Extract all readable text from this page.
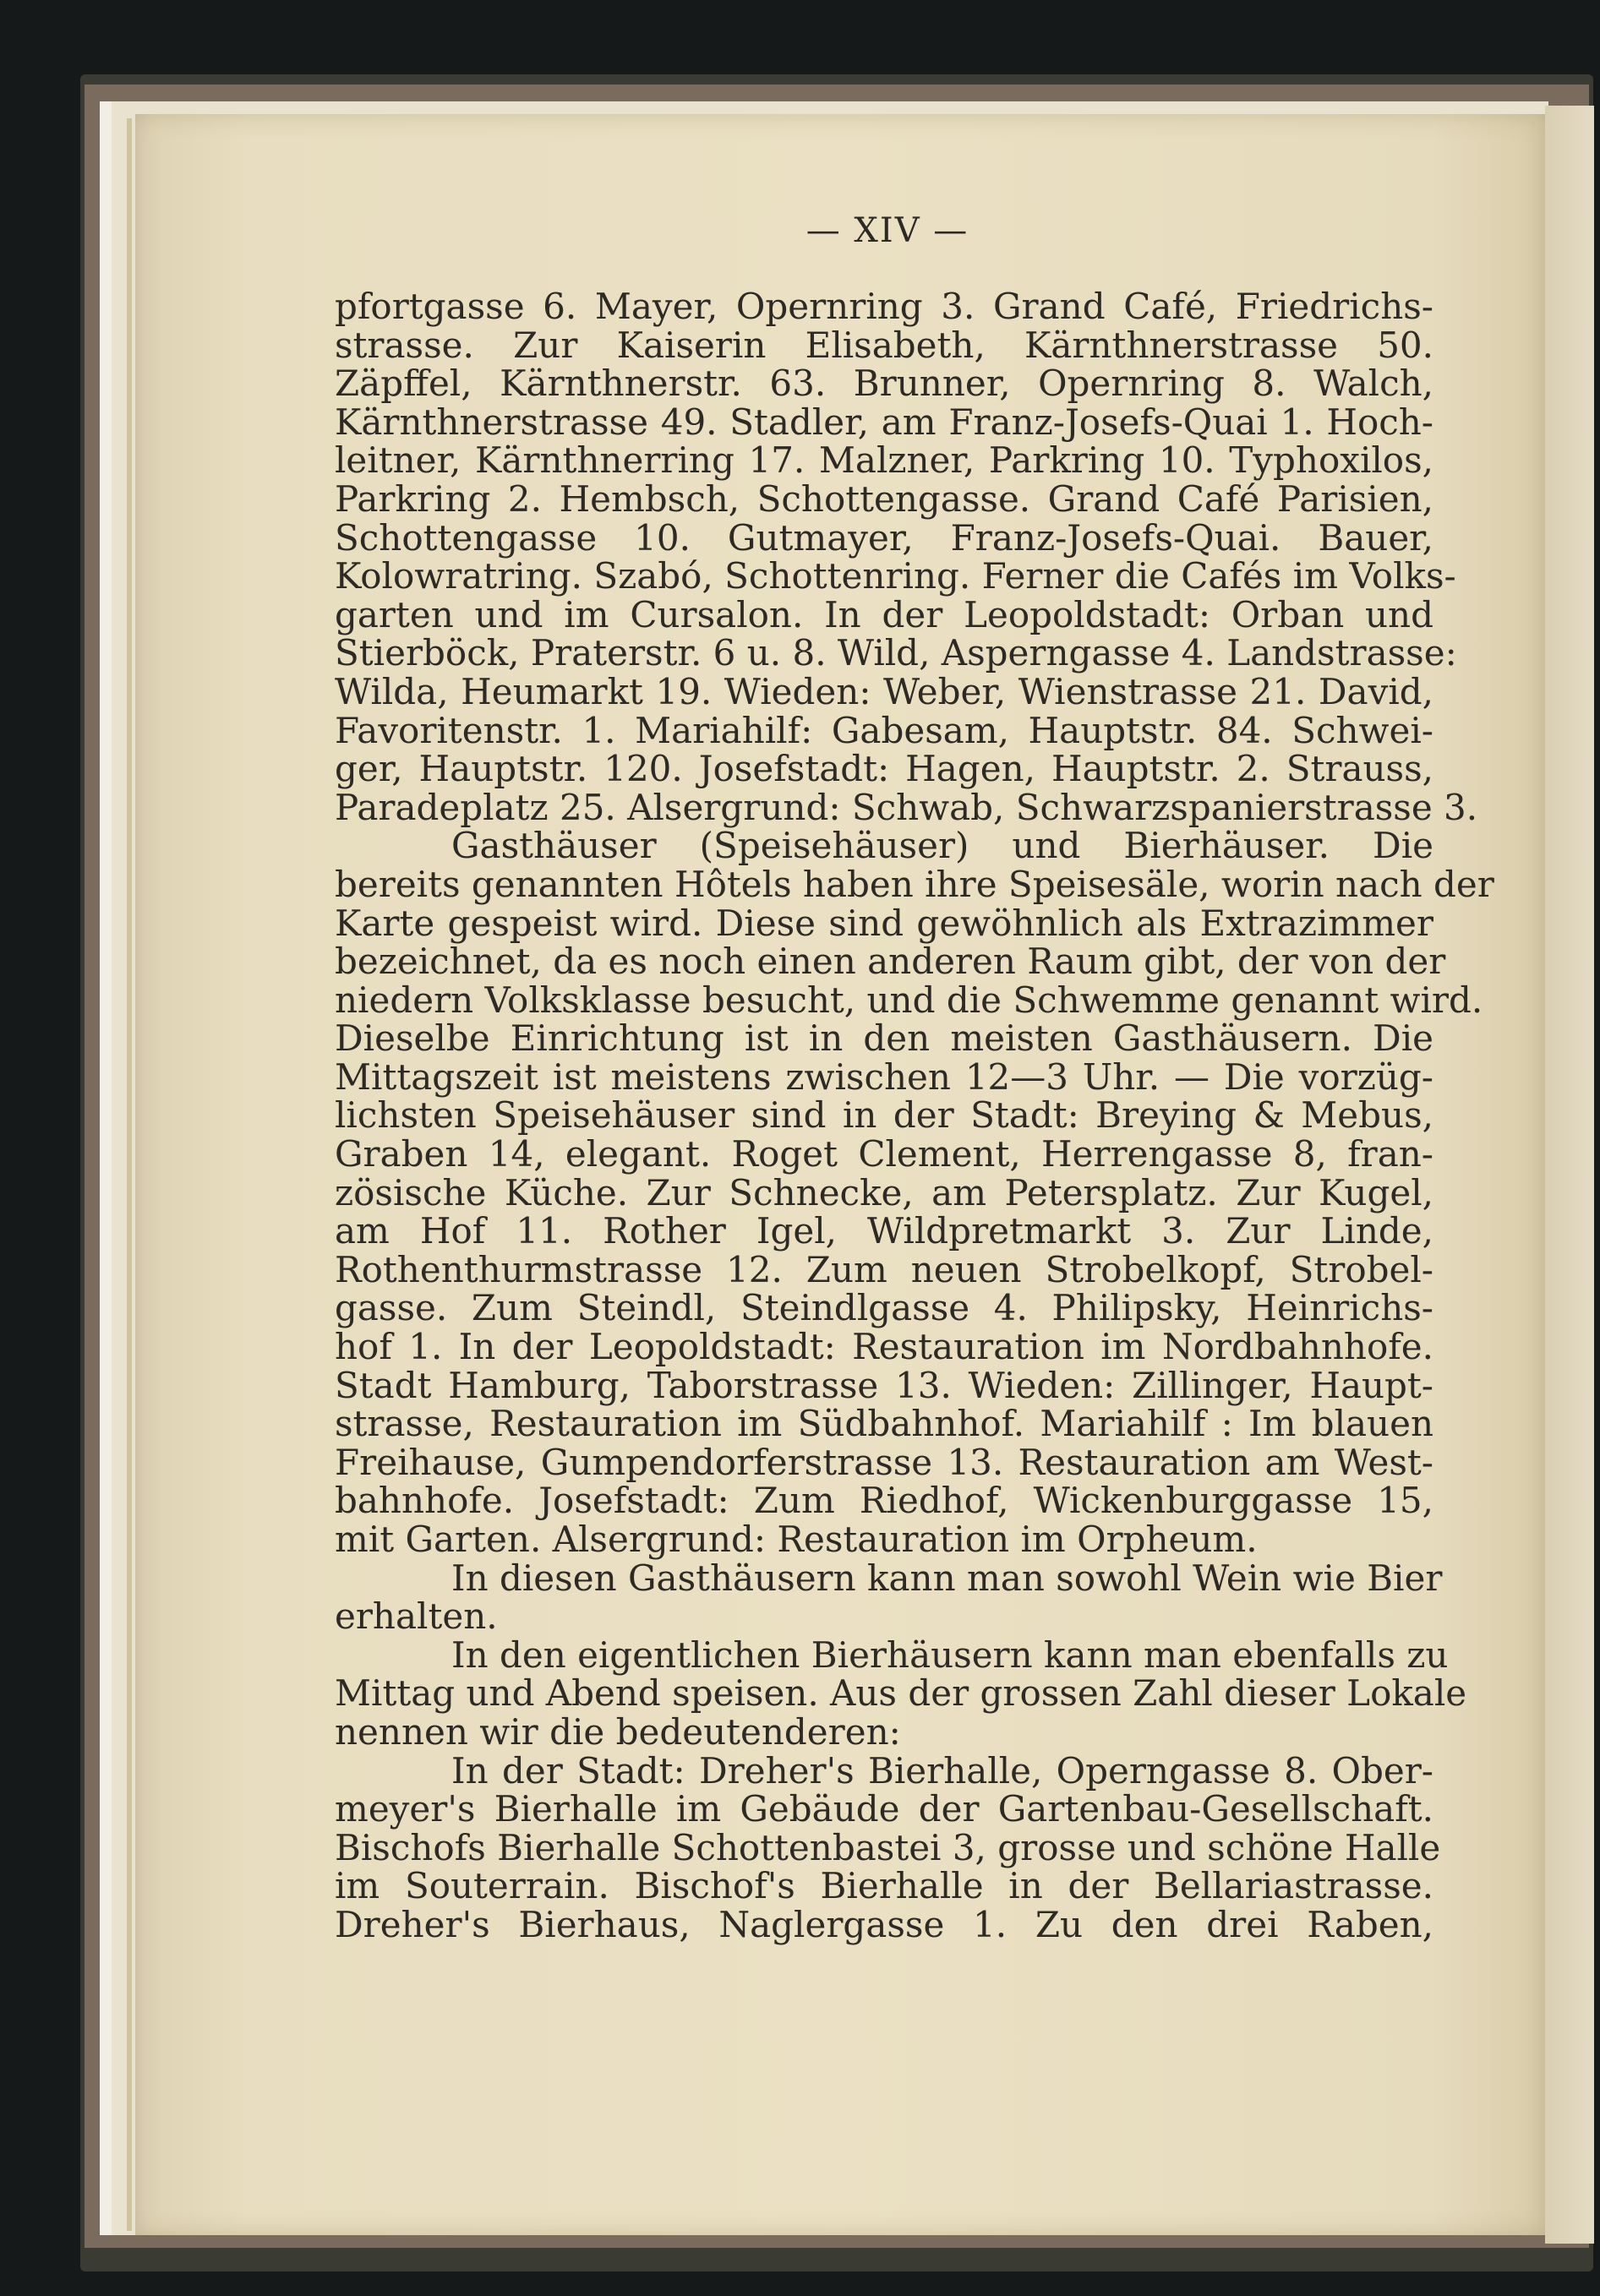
— XIV —
pfortgasse 6. Mayer, Opernring 3. Grand Café, Friedrichs-
strasse. Zur Kaiserin Elisabeth, Kärnthnerstrasse 50.
Zäpffel, Kärnthnerstr. 63. Brunner, Opernring 8. Walch,
Kärnthnerstrasse 49. Stadler, am Franz-Josefs-Quai 1. Hoch-
leitner, Kärnthnerring 17. Malzner, Parkring 10. Typhoxilos,
Parkring 2. Hembsch, Schottengasse. Grand Café Parisien,
Schottengasse 10. Gutmayer, Franz-Josefs-Quai. Bauer,
Kolowratring. Szabó, Schottenring. Ferner die Cafés im Volks-
garten und im Cursalon. In der Leopoldstadt: Orban und
Stierböck, Praterstr. 6 u. 8. Wild, Asperngasse 4. Landstrasse:
Wilda, Heumarkt 19. Wieden: Weber, Wienstrasse 21. David,
Favoritenstr. 1. Mariahilf: Gabesam, Hauptstr. 84. Schwei-
ger, Hauptstr. 120. Josefstadt: Hagen, Hauptstr. 2. Strauss,
Paradeplatz 25. Alsergrund: Schwab, Schwarzspanierstrasse 3.
Gasthäuser (Speisehäuser) und Bierhäuser. Die
bereits genannten Hôtels haben ihre Speisesäle, worin nach der
Karte gespeist wird. Diese sind gewöhnlich als Extrazimmer
bezeichnet, da es noch einen anderen Raum gibt, der von der
niedern Volksklasse besucht, und die Schwemme genannt wird.
Dieselbe Einrichtung ist in den meisten Gasthäusern. Die
Mittagszeit ist meistens zwischen 12—3 Uhr. — Die vorzüg-
lichsten Speisehäuser sind in der Stadt: Breying & Mebus,
Graben 14, elegant. Roget Clement, Herrengasse 8, fran-
zösische Küche. Zur Schnecke, am Petersplatz. Zur Kugel,
am Hof 11. Rother Igel, Wildpretmarkt 3. Zur Linde,
Rothenthurmstrasse 12. Zum neuen Strobelkopf, Strobel-
gasse. Zum Steindl, Steindlgasse 4. Philipsky, Heinrichs-
hof 1. In der Leopoldstadt: Restauration im Nordbahnhofe.
Stadt Hamburg, Taborstrasse 13. Wieden: Zillinger, Haupt-
strasse, Restauration im Südbahnhof. Mariahilf : Im blauen
Freihause, Gumpendorferstrasse 13. Restauration am West-
bahnhofe. Josefstadt: Zum Riedhof, Wickenburggasse 15,
mit Garten. Alsergrund: Restauration im Orpheum.
In diesen Gasthäusern kann man sowohl Wein wie Bier
erhalten.
In den eigentlichen Bierhäusern kann man ebenfalls zu
Mittag und Abend speisen. Aus der grossen Zahl dieser Lokale
nennen wir die bedeutenderen:
In der Stadt: Dreher's Bierhalle, Operngasse 8. Ober-
meyer's Bierhalle im Gebäude der Gartenbau-Gesellschaft.
Bischofs Bierhalle Schottenbastei 3, grosse und schöne Halle
im Souterrain. Bischof's Bierhalle in der Bellariastrasse.
Dreher's Bierhaus, Naglergasse 1. Zu den drei Raben,
